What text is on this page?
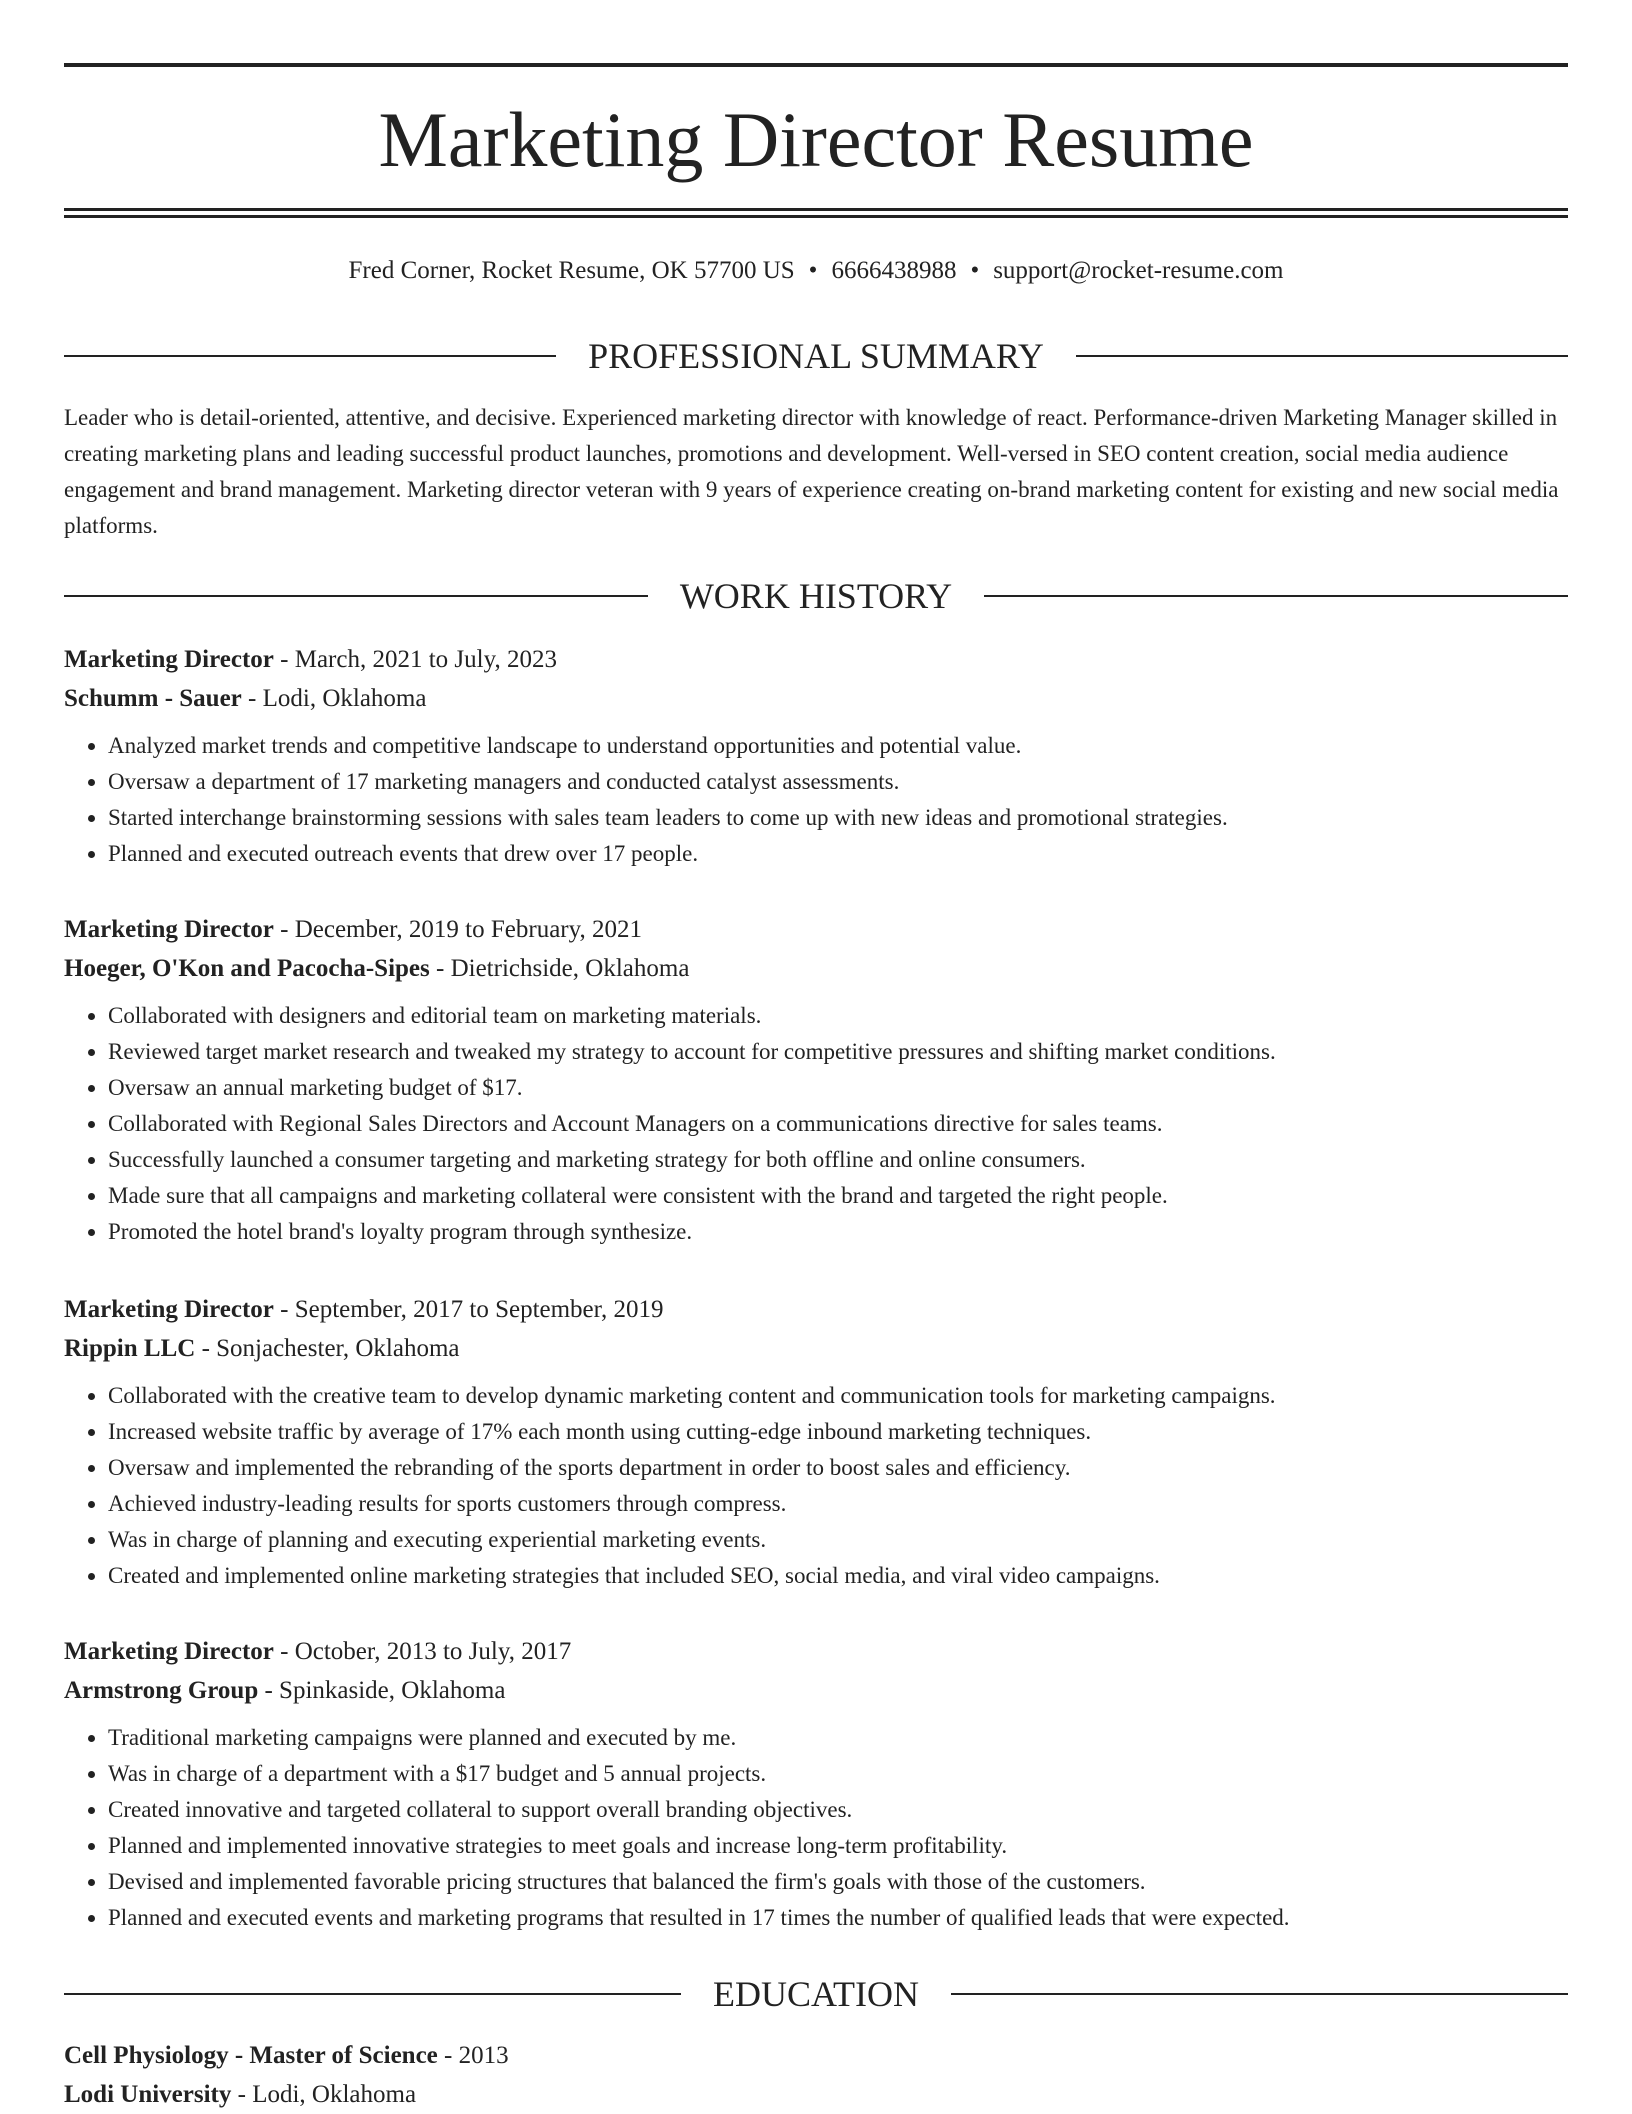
Marketing Director Resume
Fred Corner, Rocket Resume, OK 57700 US • 6666438988 • support@rocket-resume.com
PROFESSIONAL SUMMARY

Leader who is detail-oriented, attentive, and decisive. Experienced marketing director with knowledge of react. Performance-driven Marketing Manager skilled in creating marketing plans and leading successful product launches, promotions and development. Well-versed in SEO content creation, social media audience engagement and brand management. Marketing director veteran with 9 years of experience creating on-brand marketing content for existing and new social media platforms.

WORK HISTORY
Marketing Director - March, 2021 to July, 2023
Schumm - Sauer - Lodi, Oklahoma
• Analyzed market trends and competitive landscape to understand opportunities and potential value.
• Oversaw a department of 17 marketing managers and conducted catalyst assessments.
• Started interchange brainstorming sessions with sales team leaders to come up with new ideas and promotional strategies.
• Planned and executed outreach events that drew over 17 people.
Marketing Director - December, 2019 to February, 2021
Hoeger, O'Kon and Pacocha-Sipes - Dietrichside, Oklahoma
• Collaborated with designers and editorial team on marketing materials.
• Reviewed target market research and tweaked my strategy to account for competitive pressures and shifting market conditions.
• Oversaw an annual marketing budget of $17.
• Collaborated with Regional Sales Directors and Account Managers on a communications directive for sales teams.
• Successfully launched a consumer targeting and marketing strategy for both offline and online consumers.
• Made sure that all campaigns and marketing collateral were consistent with the brand and targeted the right people.
• Promoted the hotel brand's loyalty program through synthesize.
Marketing Director - September, 2017 to September, 2019
Rippin LLC - Sonjachester, Oklahoma
• Collaborated with the creative team to develop dynamic marketing content and communication tools for marketing campaigns.
• Increased website traffic by average of 17% each month using cutting-edge inbound marketing techniques.
• Oversaw and implemented the rebranding of the sports department in order to boost sales and efficiency.
• Achieved industry-leading results for sports customers through compress.
• Was in charge of planning and executing experiential marketing events.
• Created and implemented online marketing strategies that included SEO, social media, and viral video campaigns.
Marketing Director - October, 2013 to July, 2017
Armstrong Group - Spinkaside, Oklahoma
• Traditional marketing campaigns were planned and executed by me.
• Was in charge of a department with a $17 budget and 5 annual projects.
• Created innovative and targeted collateral to support overall branding objectives.
• Planned and implemented innovative strategies to meet goals and increase long-term profitability.
• Devised and implemented favorable pricing structures that balanced the firm's goals with those of the customers.
• Planned and executed events and marketing programs that resulted in 17 times the number of qualified leads that were expected.
EDUCATION
Cell Physiology - Master of Science - 2013
Lodi University - Lodi, Oklahoma
